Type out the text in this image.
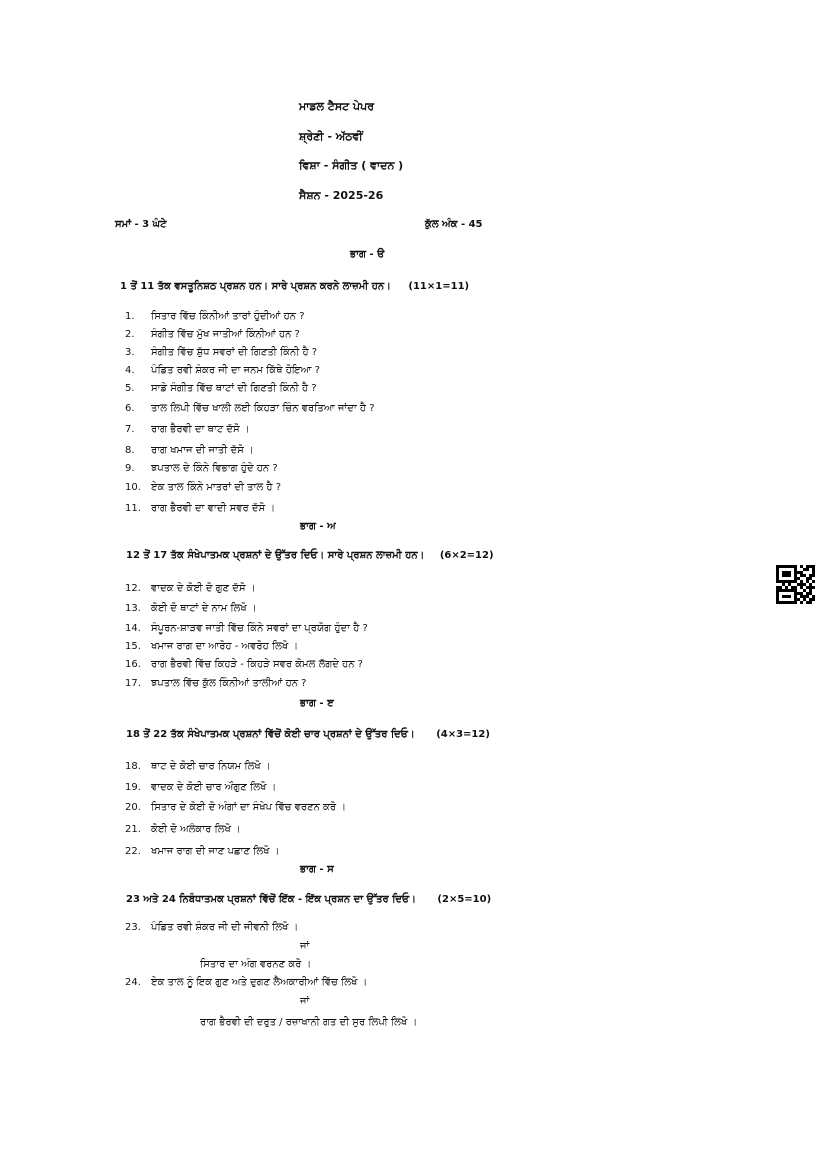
ਮਾਡਲ ਟੈਸਟ ਪੇਪਰ
ਸ਼੍ਰੇਣੀ - ਅੱਠਵੀਂ
ਵਿਸ਼ਾ - ਸੰਗੀਤ ( ਵਾਦਨ )
ਸੈਸ਼ਨ - 2025-26
ਸਮਾਂ - 3 ਘੰਟੇ	ਕੁੱਲ ਅੰਕ - 45
ਭਾਗ - ੳ
1 ਤੋਂ 11 ਤੱਕ ਵਸਤੂਨਿਸ਼ਠ ਪ੍ਰਸ਼ਨ ਹਨ। ਸਾਰੇ ਪ੍ਰਸ਼ਨ ਕਰਨੇ ਲਾਜ਼ਮੀ ਹਨ। (11×1=11)
1. ਸਿਤਾਰ ਵਿੱਚ ਕਿੰਨੀਆਂ ਤਾਰਾਂ ਹੁੰਦੀਆਂ ਹਨ ?
2. ਸੰਗੀਤ ਵਿੱਚ ਮੁੱਖ ਜਾਤੀਆਂ ਕਿੰਨੀਆਂ ਹਨ ?
3. ਸੰਗੀਤ ਵਿੱਚ ਸ਼ੁੱਧ ਸਵਰਾਂ ਦੀ ਗਿਣਤੀ ਕਿੰਨੀ ਹੈ ?
4. ਪੰਡਿਤ ਰਵੀ ਸ਼ੰਕਰ ਜੀ ਦਾ ਜਨਮ ਕਿੱਥੇ ਹੋਇਆ ?
5. ਸਾਡੇ ਸੰਗੀਤ ਵਿੱਚ ਥਾਟਾਂ ਦੀ ਗਿਣਤੀ ਕਿੰਨੀ ਹੈ ?
6. ਤਾਲ ਲਿਪੀ ਵਿੱਚ ਖਾਲੀ ਲਈ ਕਿਹੜਾ ਚਿੰਨ ਵਰਤਿਆ ਜਾਂਦਾ ਹੈ ?
7. ਰਾਗ ਭੈਰਵੀ ਦਾ ਥਾਟ ਦੱਸੋ ।
8. ਰਾਗ ਖਮਾਜ ਦੀ ਜਾਤੀ ਦੱਸੋ ।
9. ਝਪਤਾਲ ਦੇ ਕਿੰਨੇ ਵਿਭਾਗ ਹੁੰਦੇ ਹਨ ?
10. ਏਕ ਤਾਲ ਕਿੰਨੇ ਮਾਤਰਾਂ ਦੀ ਤਾਲ ਹੈ ?
11. ਰਾਗ ਭੈਰਵੀ ਦਾ ਵਾਦੀ ਸਵਰ ਦੱਸੋ ।
ਭਾਗ - ਅ
12 ਤੋਂ 17 ਤੱਕ ਸੰਖੇਪਾਤਮਕ ਪ੍ਰਸ਼ਨਾਂ ਦੇ ਉੱਤਰ ਦਿਓ। ਸਾਰੇ ਪ੍ਰਸ਼ਨ ਲਾਜ਼ਮੀ ਹਨ। (6×2=12)
12. ਵਾਦਕ ਦੇ ਕੋਈ ਦੋ ਗੁਣ ਦੱਸੋ ।
13. ਕੋਈ ਦੋ ਥਾਟਾਂ ਦੇ ਨਾਮ ਲਿਖੋ ।
14. ਸੰਪੂਰਨ-ਸ਼ਾੜਵ ਜਾਤੀ ਵਿੱਚ ਕਿੰਨੇ ਸਵਰਾਂ ਦਾ ਪ੍ਰਯੋਗ ਹੁੰਦਾ ਹੈ ?
15. ਖਮਾਜ ਰਾਗ ਦਾ ਆਰੋਹ - ਅਵਰੋਹ ਲਿਖੋ ।
16. ਰਾਗ ਭੈਰਵੀ ਵਿੱਚ ਕਿਹੜੇ - ਕਿਹੜੇ ਸਵਰ ਕੋਮਲ ਲੱਗਦੇ ਹਨ ?
17. ਝਪਤਾਲ ਵਿੱਚ ਕੁੱਲ ਕਿੰਨੀਆਂ ਤਾਲੀਆਂ ਹਨ ?
ਭਾਗ - ੲ
18 ਤੋਂ 22 ਤੱਕ ਸੰਖੇਪਾਤਮਕ ਪ੍ਰਸ਼ਨਾਂ ਵਿੱਚੋਂ ਕੋਈ ਚਾਰ ਪ੍ਰਸ਼ਨਾਂ ਦੇ ਉੱਤਰ ਦਿਓ। (4×3=12)
18. ਥਾਟ ਦੇ ਕੋਈ ਚਾਰ ਨਿਯਮ ਲਿਖੋ ।
19. ਵਾਦਕ ਦੇ ਕੋਈ ਚਾਰ ਔਗੁਣ ਲਿਖੋ ।
20. ਸਿਤਾਰ ਦੇ ਕੋਈ ਦੋ ਅੰਗਾਂ ਦਾ ਸੰਖੇਪ ਵਿੱਚ ਵਰਣਨ ਕਰੋ ।
21. ਕੋਈ ਦੋ ਅਲੰਕਾਰ ਲਿਖੋ ।
22. ਖਮਾਜ ਰਾਗ ਦੀ ਜਾਣ ਪਛਾਣ ਲਿਖੋ ।
ਭਾਗ - ਸ
23 ਅਤੇ 24 ਨਿਬੰਧਾਤਮਕ ਪ੍ਰਸ਼ਨਾਂ ਵਿੱਚੋਂ ਇੱਕ - ਇੱਕ ਪ੍ਰਸ਼ਨ ਦਾ ਉੱਤਰ ਦਿਓ। (2×5=10)
23. ਪੰਡਿਤ ਰਵੀ ਸ਼ੰਕਰ ਜੀ ਦੀ ਜੀਵਨੀ ਲਿਖੋ ।
ਜਾਂ
ਸਿਤਾਰ ਦਾ ਅੰਗ ਵਰਨਣ ਕਰੋ ।
24. ਏਕ ਤਾਲ ਨੂੰ ਇਕ ਗੁਣ ਅਤੇ ਦੁਗਣ ਲੈਅਕਾਰੀਆਂ ਵਿੱਚ ਲਿਖੋ ।
ਜਾਂ
ਰਾਗ ਭੈਰਵੀ ਦੀ ਦਰੁਤ / ਰਜ਼ਾਖਾਨੀ ਗਤ ਦੀ ਸੁਰ ਲਿਪੀ ਲਿਖੋ ।
